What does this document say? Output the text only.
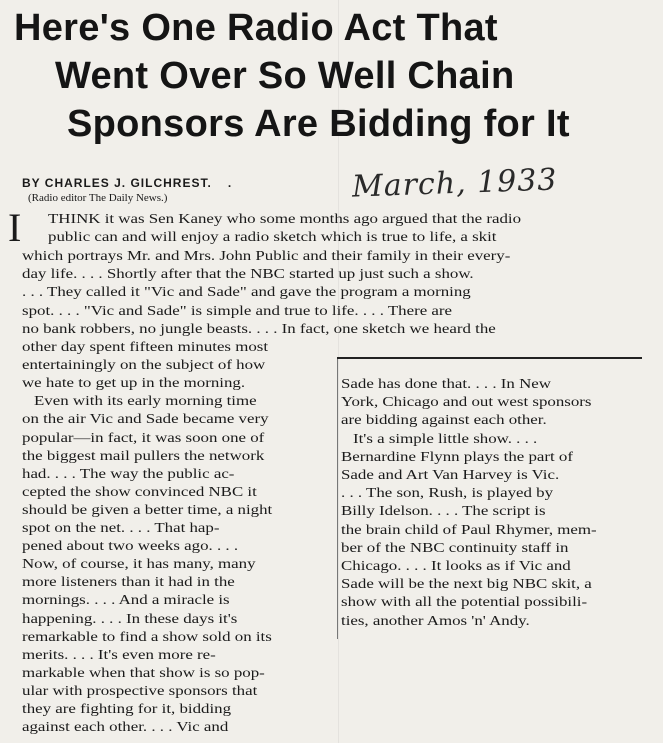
Here's One Radio Act That
Went Over So Well Chain
Sponsors Are Bidding for It
BY CHARLES J. GILCHREST. .
(Radio editor The Daily News.)	March, 1933
I THINK it was Sen Kaney who some months ago argued that the radio
public can and will enjoy a radio sketch which is true to life, a skit
which portrays Mr. and Mrs. John Public and their family in their every-
day life. . . . Shortly after that the NBC started up just such a show.
. . . They called it "Vic and Sade" and gave the program a morning
spot. . . . "Vic and Sade" is simple and true to life. . . . There are
no bank robbers, no jungle beasts. . . . In fact, one sketch we heard the
other day spent fifteen minutes most
entertainingly on the subject of how
we hate to get up in the morning.
Even with its early morning time
on the air Vic and Sade became very
popular—in fact, it was soon one of
the biggest mail pullers the network
had. . . . The way the public ac-
cepted the show convinced NBC it
should be given a better time, a night
spot on the net. . . . That hap-
pened about two weeks ago. . . .
Now, of course, it has many, many
more listeners than it had in the
mornings. . . . And a miracle is
happening. . . . In these days it's
remarkable to find a show sold on its
merits. . . . It's even more re-
markable when that show is so pop-
ular with prospective sponsors that
they are fighting for it, bidding
against each other. . . . Vic and
Sade has done that. . . . In New
York, Chicago and out west sponsors
are bidding against each other.
It's a simple little show. . . .
Bernardine Flynn plays the part of
Sade and Art Van Harvey is Vic.
. . . The son, Rush, is played by
Billy Idelson. . . . The script is
the brain child of Paul Rhymer, mem-
ber of the NBC continuity staff in
Chicago. . . . It looks as if Vic and
Sade will be the next big NBC skit, a
show with all the potential possibili-
ties, another Amos 'n' Andy.
